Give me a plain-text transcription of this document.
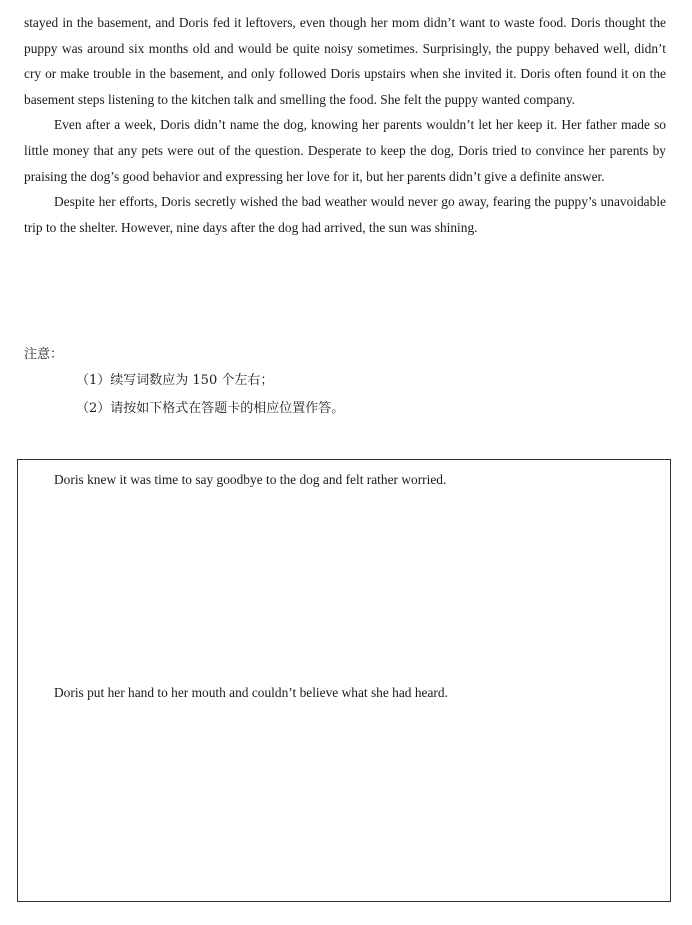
stayed in the basement, and Doris fed it leftovers, even though her mom didn’t want to waste food. Doris thought the puppy was around six months old and would be quite noisy sometimes. Surprisingly, the puppy behaved well, didn’t cry or make trouble in the basement, and only followed Doris upstairs when she invited it. Doris often found it on the basement steps listening to the kitchen talk and smelling the food. She felt the puppy wanted company.

Even after a week, Doris didn’t name the dog, knowing her parents wouldn’t let her keep it. Her father made so little money that any pets were out of the question. Desperate to keep the dog, Doris tried to convince her parents by praising the dog’s good behavior and expressing her love for it, but her parents didn’t give a definite answer.

Despite her efforts, Doris secretly wished the bad weather would never go away, fearing the puppy’s unavoidable trip to the shelter. However, nine days after the dog had arrived, the sun was shining.

注意：
（1）续写词数应为 150 个左右；
（2）请按如下格式在答题卡的相应位置作答。
Doris knew it was time to say goodbye to the dog and felt rather worried.
Doris put her hand to her mouth and couldn’t believe what she had heard.
